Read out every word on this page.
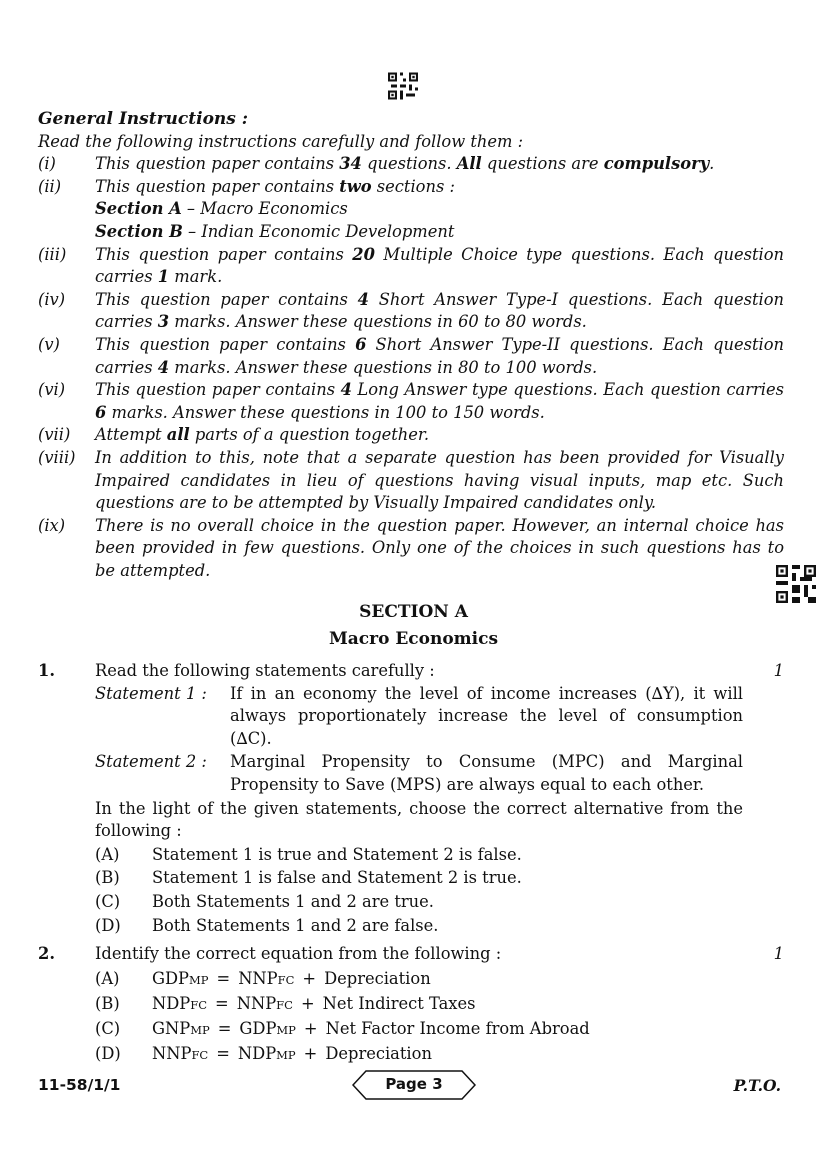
General Instructions :
Read the following instructions carefully and follow them :
(i)	This question paper contains 34 questions. All questions are compulsory.
(ii)	This question paper contains two sections :
Section A – Macro Economics
Section B – Indian Economic Development
(iii)	This question paper contains 20 Multiple Choice type questions. Each question carries 1 mark.
(iv)	This question paper contains 4 Short Answer Type-I questions. Each question carries 3 marks. Answer these questions in 60 to 80 words.
(v)	This question paper contains 6 Short Answer Type-II questions. Each question carries 4 marks. Answer these questions in 80 to 100 words.
(vi)	This question paper contains 4 Long Answer type questions. Each question carries 6 marks. Answer these questions in 100 to 150 words.
(vii)	Attempt all parts of a question together.
(viii)	In addition to this, note that a separate question has been provided for Visually Impaired candidates in lieu of questions having visual inputs, map etc. Such questions are to be attempted by Visually Impaired candidates only.
(ix)	There is no overall choice in the question paper. However, an internal choice has been provided in few questions. Only one of the choices in such questions has to be attempted.
SECTION A
Macro Economics
1.	1
Read the following statements carefully :
Statement 1 :	If in an economy the level of income increases (∆Y), it will always proportionately increase the level of consumption (∆C).
Statement 2 :	Marginal Propensity to Consume (MPC) and Marginal Propensity to Save (MPS) are always equal to each other.
In the light of the given statements, choose the correct alternative from the following :
(A)	Statement 1 is true and Statement 2 is false.
(B)	Statement 1 is false and Statement 2 is true.
(C)	Both Statements 1 and 2 are true.
(D)	Both Statements 1 and 2 are false.
2.	1
Identify the correct equation from the following :
(A)	GDP MP = NNP FC + Depreciation
(B)	NDP FC = NNP FC + Net Indirect Taxes
(C)	GNP MP = GDP MP + Net Factor Income from Abroad
(D)	NNP FC = NDP MP + Depreciation
11-58/1/1	Page 3	P.T.O.
